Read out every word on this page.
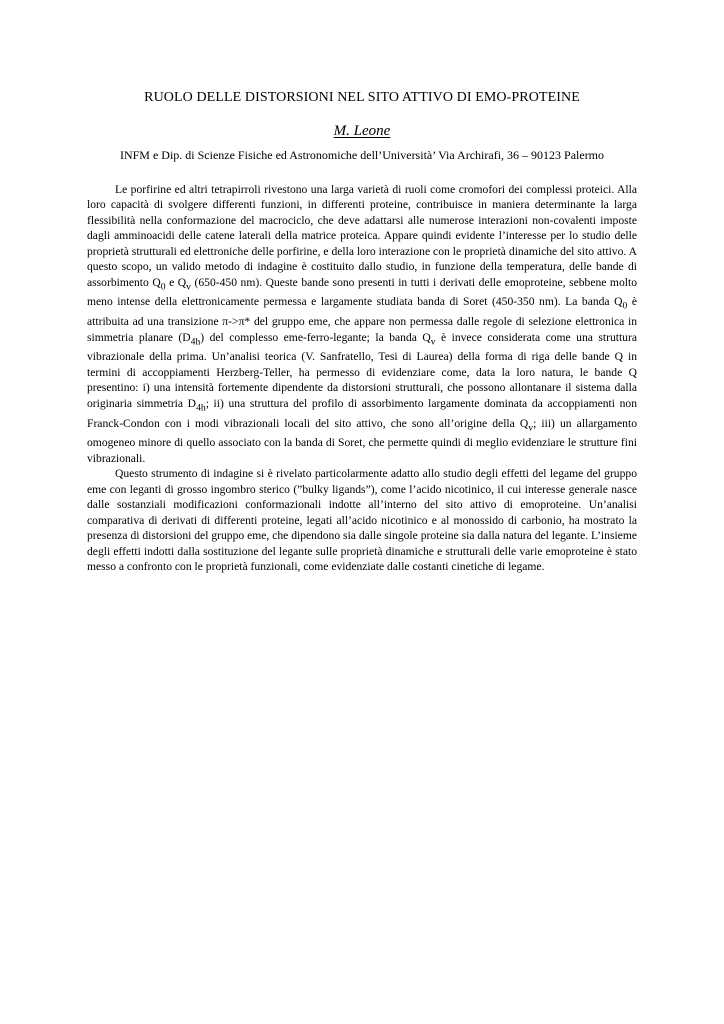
RUOLO DELLE DISTORSIONI NEL SITO ATTIVO DI EMO-PROTEINE
M. Leone
INFM e Dip. di Scienze Fisiche ed Astronomiche dell’Università’ Via Archirafi, 36 – 90123 Palermo

Le porfirine ed altri tetrapirroli rivestono una larga varietà di ruoli come cromofori dei complessi proteici. Alla loro capacità di svolgere differenti funzioni, in differenti proteine, contribuisce in maniera determinante la larga flessibilità nella conformazione del macrociclo, che deve adattarsi alle numerose interazioni non-covalenti imposte dagli amminoacidi delle catene laterali della matrice proteica. Appare quindi evidente l’interesse per lo studio delle proprietà strutturali ed elettroniche delle porfirine, e della loro interazione con le proprietà dinamiche del sito attivo. A questo scopo, un valido metodo di indagine è costituito dallo studio, in funzione della temperatura, delle bande di assorbimento $Q_0$ e $Q_v$ (650-450 nm). Queste bande sono presenti in tutti i derivati delle emoproteine, sebbene molto meno intense della elettronicamente permessa e largamente studiata banda di Soret (450-350 nm). La banda $Q_0$ è attribuita ad una transizione π->π* del gruppo eme, che appare non permessa dalle regole di selezione elettronica in simmetria planare $(D_{4h})$ del complesso eme-ferro-legante; la banda $Q_v$ è invece considerata come una struttura vibrazionale della prima. Un’analisi teorica (V. Sanfratello, Tesi di Laurea) della forma di riga delle bande Q in termini di accoppiamenti Herzberg-Teller, ha permesso di evidenziare come, data la loro natura, le bande Q presentino: i) una intensità fortemente dipendente da distorsioni strutturali, che possono allontanare il sistema dalla originaria simmetria $D_{4h}$; ii) una struttura del profilo di assorbimento largamente dominata da accoppiamenti non Franck-Condon con i modi vibrazionali locali del sito attivo, che sono all’origine della $Q_v$; iii) un allargamento omogeneo minore di quello associato con la banda di Soret, che permette quindi di meglio evidenziare le strutture fini vibrazionali.

Questo strumento di indagine si è rivelato particolarmente adatto allo studio degli effetti del legame del gruppo eme con leganti di grosso ingombro sterico (”bulky ligands”), come l’acido nicotinico, il cui interesse generale nasce dalle sostanziali modificazioni conformazionali indotte all’interno del sito attivo di emoproteine. Un’analisi comparativa di derivati di differenti proteine, legati all’acido nicotinico e al monossido di carbonio, ha mostrato la presenza di distorsioni del gruppo eme, che dipendono sia dalle singole proteine sia dalla natura del legante. L’insieme degli effetti indotti dalla sostituzione del legante sulle proprietà dinamiche e strutturali delle varie emoproteine è stato messo a confronto con le proprietà funzionali, come evidenziate dalle costanti cinetiche di legame.
